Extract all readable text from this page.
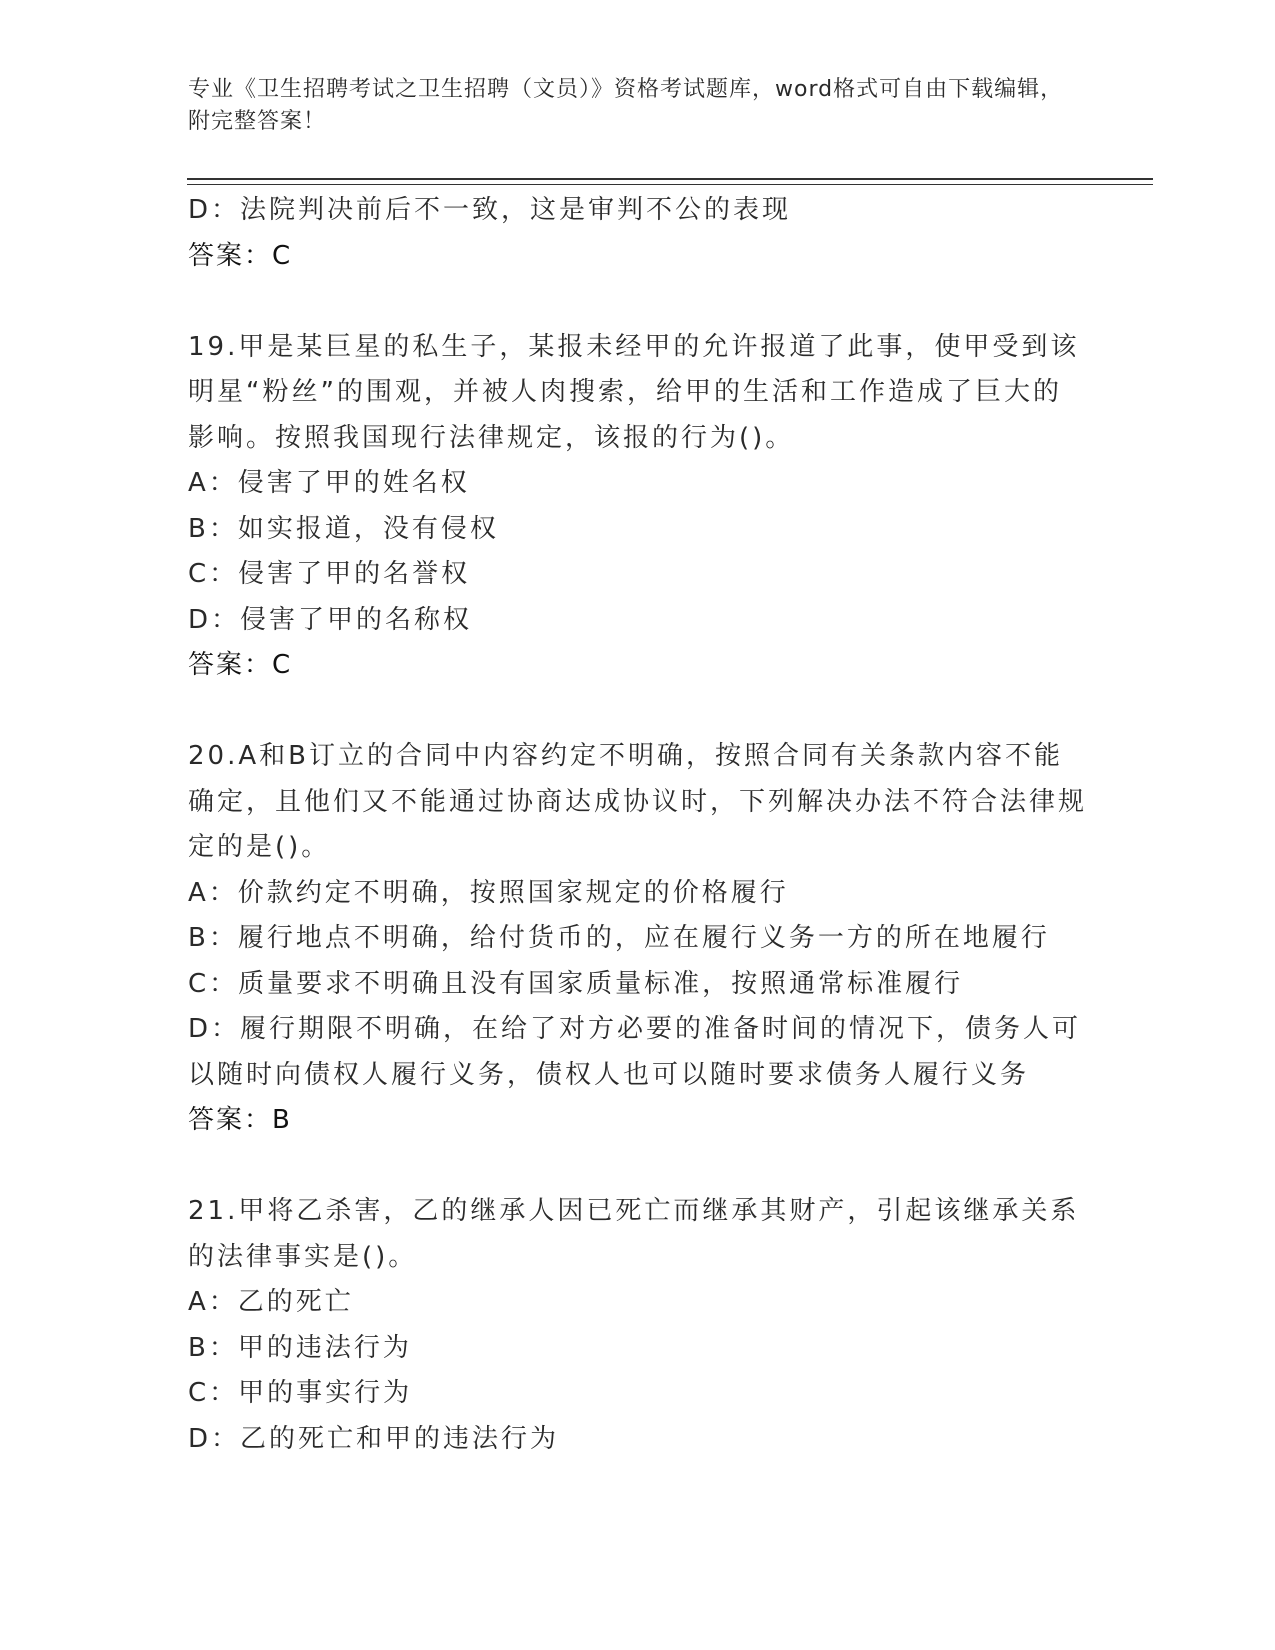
专业《卫生招聘考试之卫生招聘（文员）》资格考试题库，word格式可自由下载编辑，附完整答案！
D：法院判决前后不一致，这是审判不公的表现
答案：C
19.甲是某巨星的私生子，某报未经甲的允许报道了此事，使甲受到该明星“粉丝”的围观，并被人肉搜索，给甲的生活和工作造成了巨大的影响。按照我国现行法律规定，该报的行为()。
A：侵害了甲的姓名权
B：如实报道，没有侵权
C：侵害了甲的名誉权
D：侵害了甲的名称权
答案：C
20.A和B订立的合同中内容约定不明确，按照合同有关条款内容不能确定，且他们又不能通过协商达成协议时，下列解决办法不符合法律规定的是()。
A：价款约定不明确，按照国家规定的价格履行
B：履行地点不明确，给付货币的，应在履行义务一方的所在地履行
C：质量要求不明确且没有国家质量标准，按照通常标准履行
D：履行期限不明确，在给了对方必要的准备时间的情况下，债务人可以随时向债权人履行义务，债权人也可以随时要求债务人履行义务
答案：B
21.甲将乙杀害，乙的继承人因已死亡而继承其财产，引起该继承关系的法律事实是()。
A：乙的死亡
B：甲的违法行为
C：甲的事实行为
D：乙的死亡和甲的违法行为
